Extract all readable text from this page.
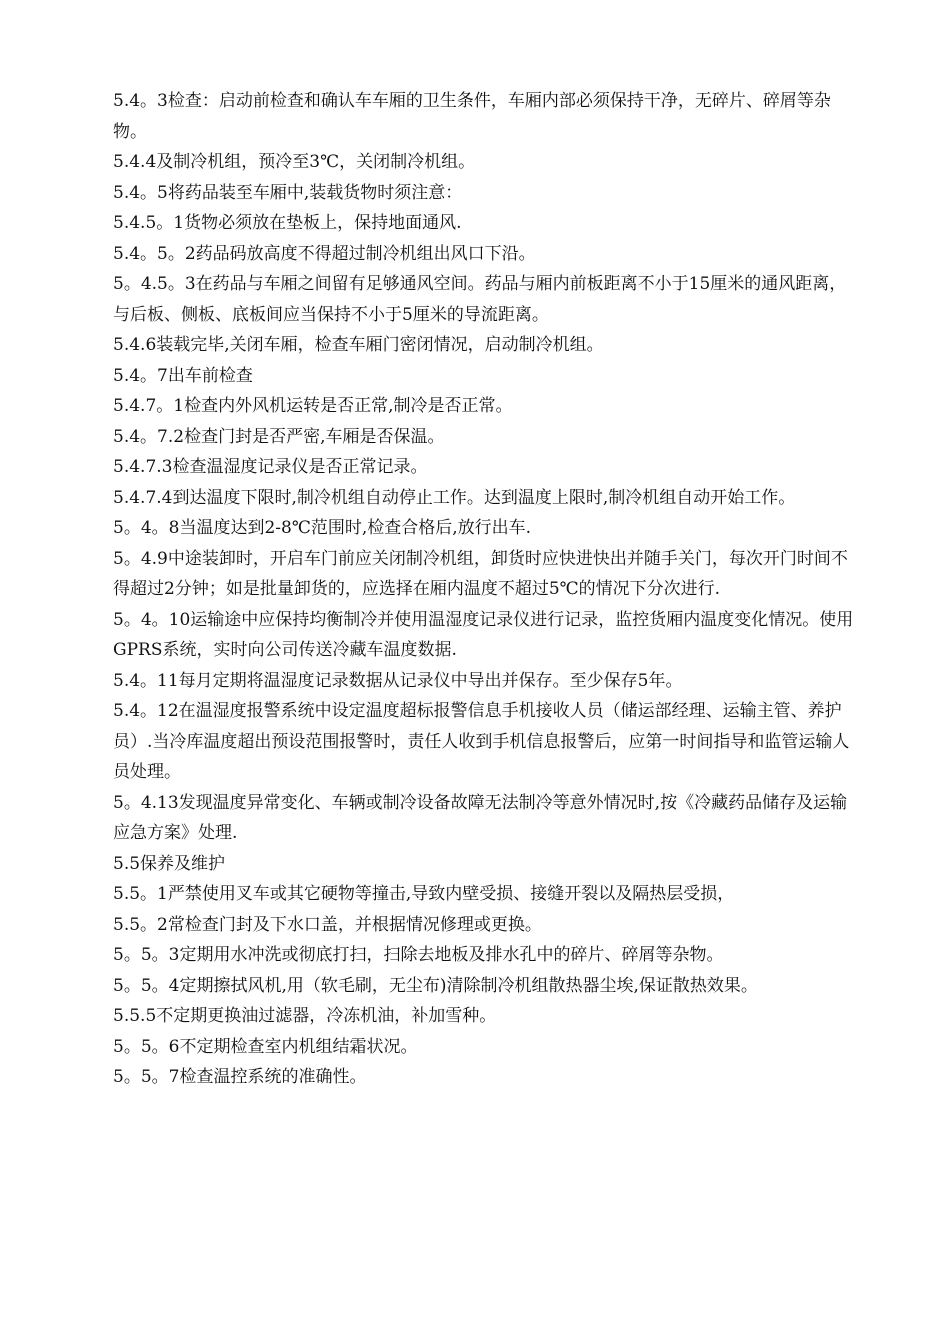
5.4。3检查：启动前检查和确认车车厢的卫生条件，车厢内部必须保持干净，无碎片、碎屑等杂物。

5.4.4及制冷机组，预冷至3℃，关闭制冷机组。

5.4。5将药品装至车厢中,装载货物时须注意：

5.4.5。1货物必须放在垫板上，保持地面通风.

5.4。5。2药品码放高度不得超过制冷机组出风口下沿。

5。4.5。3在药品与车厢之间留有足够通风空间。药品与厢内前板距离不小于15厘米的通风距离，与后板、侧板、底板间应当保持不小于5厘米的导流距离。

5.4.6装载完毕,关闭车厢，检查车厢门密闭情况，启动制冷机组。

5.4。7出车前检查

5.4.7。1检查内外风机运转是否正常,制冷是否正常。

5.4。7.2检查门封是否严密,车厢是否保温。

5.4.7.3检查温湿度记录仪是否正常记录。

5.4.7.4到达温度下限时,制冷机组自动停止工作。达到温度上限时,制冷机组自动开始工作。

5。4。8当温度达到2-8℃范围时,检查合格后,放行出车.

5。4.9中途装卸时，开启车门前应关闭制冷机组，卸货时应快进快出并随手关门，每次开门时间不得超过2分钟；如是批量卸货的，应选择在厢内温度不超过5℃的情况下分次进行.

5。4。10运输途中应保持均衡制冷并使用温湿度记录仪进行记录，监控货厢内温度变化情况。使用GPRS系统，实时向公司传送冷藏车温度数据.

5.4。11每月定期将温湿度记录数据从记录仪中导出并保存。至少保存5年。

5.4。12在温湿度报警系统中设定温度超标报警信息手机接收人员（储运部经理、运输主管、养护员）.当冷库温度超出预设范围报警时，责任人收到手机信息报警后，应第一时间指导和监管运输人员处理。

5。4.13发现温度异常变化、车辆或制冷设备故障无法制冷等意外情况时,按《冷藏药品储存及运输应急方案》处理.

5.5保养及维护

5.5。1严禁使用叉车或其它硬物等撞击,导致内壁受损、接缝开裂以及隔热层受损，

5.5。2常检查门封及下水口盖，并根据情况修理或更换。

5。5。3定期用水冲洗或彻底打扫，扫除去地板及排水孔中的碎片、碎屑等杂物。

5。5。4定期擦拭风机,用（软毛刷，无尘布)清除制冷机组散热器尘埃,保证散热效果。

5.5.5不定期更换油过滤器，冷冻机油，补加雪种。

5。5。6不定期检查室内机组结霜状况。

5。5。7检查温控系统的准确性。
